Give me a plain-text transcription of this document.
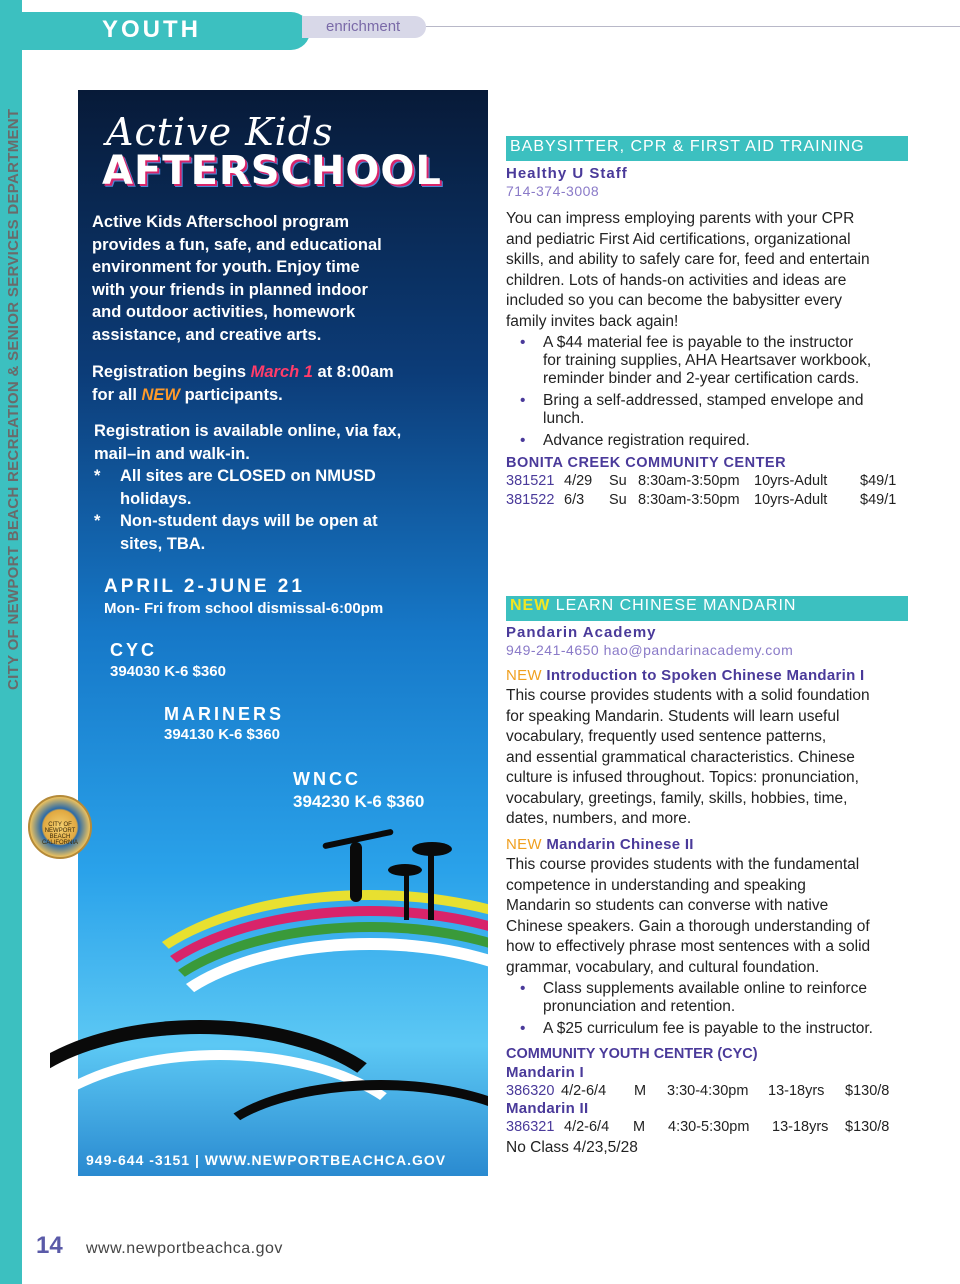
YOUTH	enrichment
CITY OF NEWPORT BEACH RECREATION & SENIOR SERVICES DEPARTMENT
CITY OF NEWPORT BEACH CALIFORNIA
Active Kids
AFTERSCHOOL
Active Kids Afterschool program
provides a fun, safe, and educational
environment for youth. Enjoy time
with your friends in planned indoor
and outdoor activities, homework
assistance, and creative arts.
Registration begins March 1 at 8:00am
for all NEW participants.
Registration is available online, via fax,
mail–in and walk-in.
* All sites are CLOSED on NMUSD
holidays.
* Non-student days will be open at
sites, TBA.
APRIL 2-JUNE 21
Mon- Fri from school dismissal-6:00pm
CYC
394030 K-6 $360
MARINERS
394130 K-6 $360
WNCC
394230 K-6 $360
949-644 -3151 | WWW.NEWPORTBEACHCA.GOV
BABYSITTER, CPR & FIRST AID TRAINING
Healthy U Staff
714-374-3008
You can impress employing parents with your CPR
and pediatric First Aid certifications, organizational
skills, and ability to safely care for, feed and entertain
children. Lots of hands-on activities and ideas are
included so you can become the babysitter every
family invites back again!
• A $44 material fee is payable to the instructor
for training supplies, AHA Heartsaver workbook,
reminder binder and 2-year certification cards.
• Bring a self-addressed, stamped envelope and
lunch.
• Advance registration required.
BONITA CREEK COMMUNITY CENTER
381521 4/29 Su 8:30am-3:50pm 10yrs-Adult $49/1
381522 6/3 Su 8:30am-3:50pm 10yrs-Adult $49/1
NEW LEARN CHINESE MANDARIN
Pandarin Academy
949-241-4650 hao@pandarinacademy.com
NEW Introduction to Spoken Chinese Mandarin I
This course provides students with a solid foundation
for speaking Mandarin. Students will learn useful
vocabulary, frequently used sentence patterns,
and essential grammatical characteristics. Chinese
culture is infused throughout. Topics: pronunciation,
vocabulary, greetings, family, skills, hobbies, time,
dates, numbers, and more.
NEW Mandarin Chinese II
This course provides students with the fundamental
competence in understanding and speaking
Mandarin so students can converse with native
Chinese speakers. Gain a thorough understanding of
how to effectively phrase most sentences with a solid
grammar, vocabulary, and cultural foundation.
• Class supplements available online to reinforce
pronunciation and retention.
• A $25 curriculum fee is payable to the instructor.
COMMUNITY YOUTH CENTER (CYC)
Mandarin I
386320 4/2-6/4 M 3:30-4:30pm 13-18yrs $130/8
Mandarin II
386321 4/2-6/4 M 4:30-5:30pm 13-18yrs $130/8
No Class 4/23,5/28
14 www.newportbeachca.gov
